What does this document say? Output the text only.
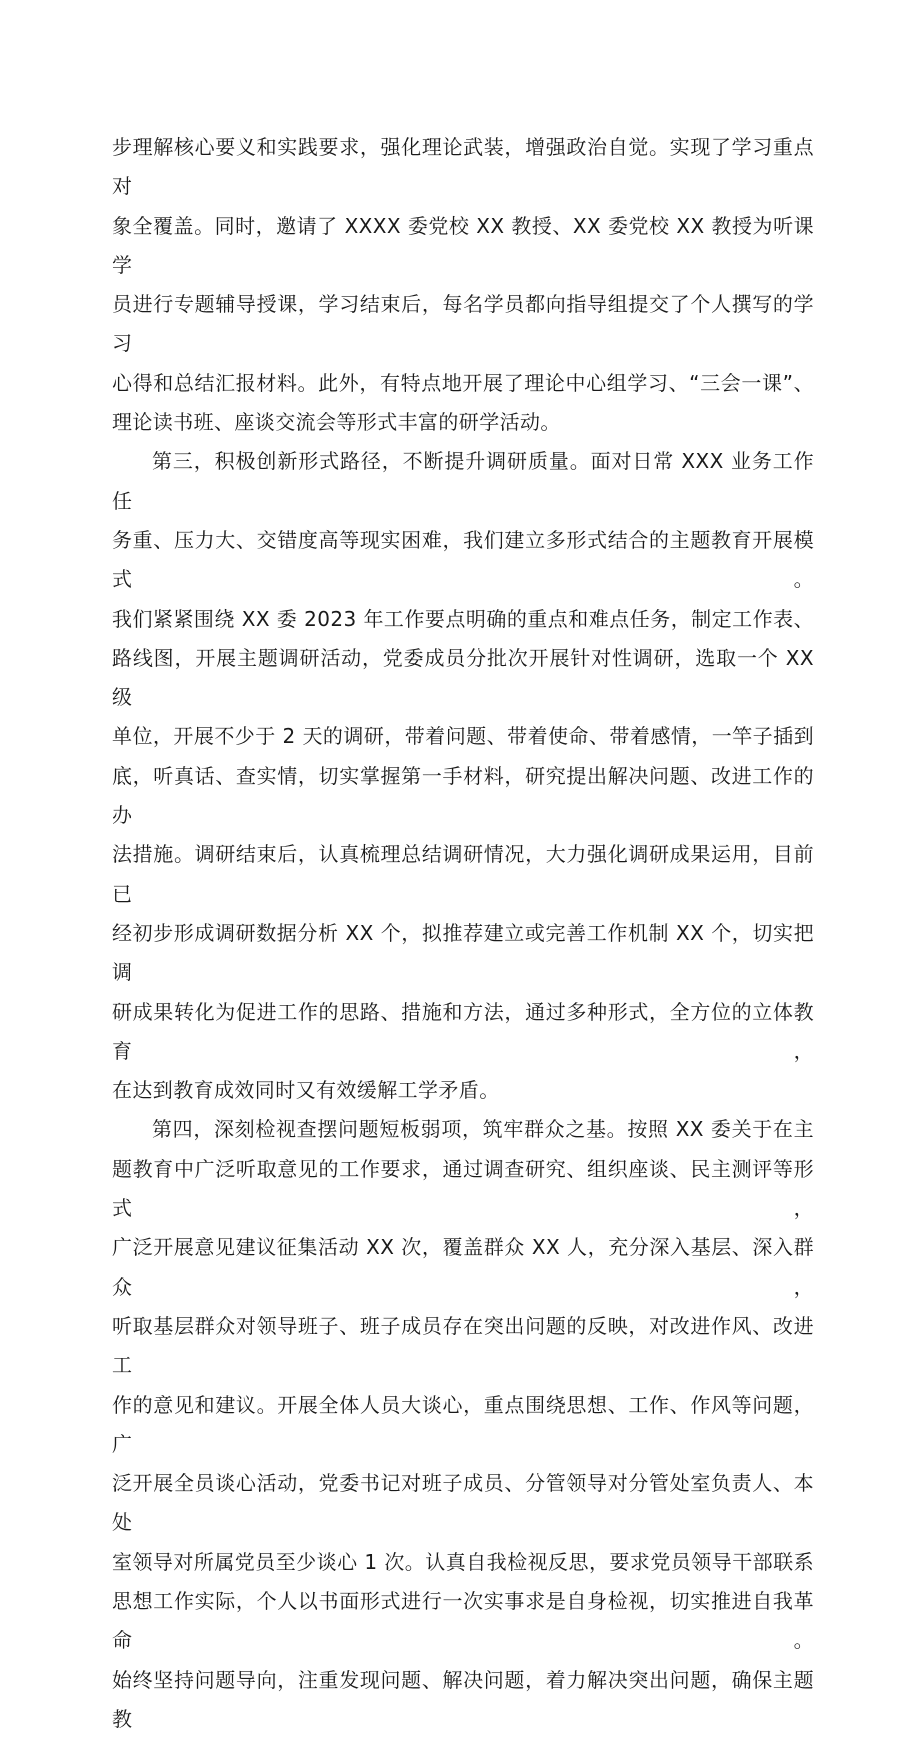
步理解核心要义和实践要求，强化理论武装，增强政治自觉。实现了学习重点对

象全覆盖。同时，邀请了 XXXX 委党校 XX 教授、XX 委党校 XX 教授为听课学

员进行专题辅导授课，学习结束后，每名学员都向指导组提交了个人撰写的学习

心得和总结汇报材料。此外，有特点地开展了理论中心组学习、“三会一课”、

理论读书班、座谈交流会等形式丰富的研学活动。

第三，积极创新形式路径，不断提升调研质量。面对日常 XXX 业务工作任

务重、压力大、交错度高等现实困难，我们建立多形式结合的主题教育开展模式。

我们紧紧围绕 XX 委 2023 年工作要点明确的重点和难点任务，制定工作表、

路线图，开展主题调研活动，党委成员分批次开展针对性调研，选取一个 XX 级

单位，开展不少于 2 天的调研，带着问题、带着使命、带着感情，一竿子插到

底，听真话、查实情，切实掌握第一手材料，研究提出解决问题、改进工作的办

法措施。调研结束后，认真梳理总结调研情况，大力强化调研成果运用，目前已

经初步形成调研数据分析 XX 个，拟推荐建立或完善工作机制 XX 个，切实把调

研成果转化为促进工作的思路、措施和方法，通过多种形式，全方位的立体教育，

在达到教育成效同时又有效缓解工学矛盾。

第四，深刻检视查摆问题短板弱项，筑牢群众之基。按照 XX 委关于在主

题教育中广泛听取意见的工作要求，通过调查研究、组织座谈、民主测评等形式，

广泛开展意见建议征集活动 XX 次，覆盖群众 XX 人，充分深入基层、深入群众，

听取基层群众对领导班子、班子成员存在突出问题的反映，对改进作风、改进工

作的意见和建议。开展全体人员大谈心，重点围绕思想、工作、作风等问题，广

泛开展全员谈心活动，党委书记对班子成员、分管领导对分管处室负责人、本处

室领导对所属党员至少谈心 1 次。认真自我检视反思，要求党员领导干部联系

思想工作实际，个人以书面形式进行一次实事求是自身检视，切实推进自我革命。

始终坚持问题导向，注重发现问题、解决问题，着力解决突出问题，确保主题教
